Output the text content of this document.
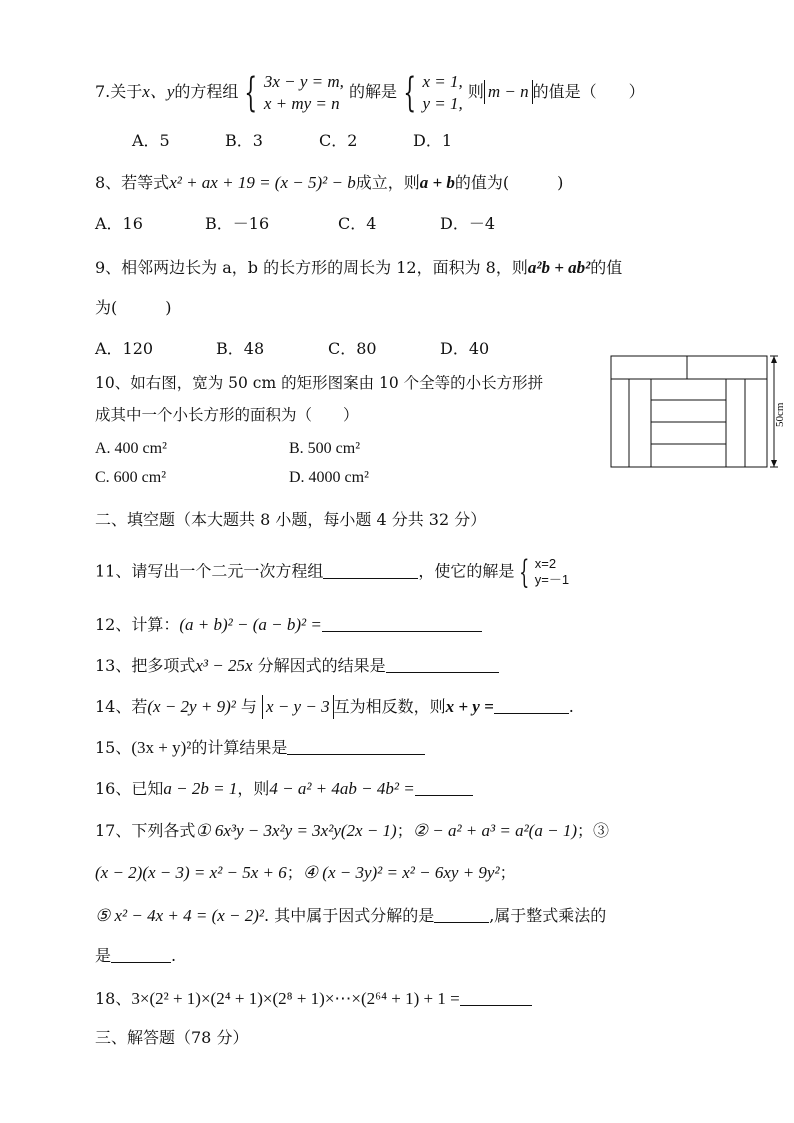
7.关于x、y的方程组 { 3x − y = m,
x + my = n 的解是 { x = 1,
y = 1, 则 m − n 的值是（　　）
A．5	B．3	C．2	D．1
8、若等式x² + ax + 19 = (x − 5)² − b成立，则a + b的值为(　　　)
A．16	B．－16	C．4	D．－4
9、相邻两边长为 a，b 的长方形的周长为 12，面积为 8，则a²b + ab²的值
为(　　　)
A．120	B．48	C．80	D．40
10、如右图，宽为 50 cm 的矩形图案由 10 个全等的小长方形拼
成其中一个小长方形的面积为（　　）
A. 400 cm²	B. 500 cm²
C. 600 cm²	D. 4000 cm²
50cm
二、填空题（本大题共 8 小题，每小题 4 分共 32 分）
11、请写出一个二元一次方程组	，使它的解是 { x=2
y=－1
12、计算：(a + b)² − (a − b)² =
13、把多项式x³ − 25x 分解因式的结果是
14、若(x − 2y + 9)² 与 x − y − 3 互为相反数，则x + y =	.
15、(3x + y)²的计算结果是
16、已知a − 2b = 1，则4 − a² + 4ab − 4b² =
17、下列各式① 6x³y − 3x²y = 3x²y(2x − 1)；② − a² + a³ = a²(a − 1)；③
(x − 2)(x − 3) = x² − 5x + 6；④ (x − 3y)² = x² − 6xy + 9y²；
⑤ x² − 4x + 4 = (x − 2)². 其中属于因式分解的是	,属于整式乘法的
是	.
18、3×(2² + 1)×(2⁴ + 1)×(2⁸ + 1)×⋯×(2⁶⁴ + 1) + 1 =
三、解答题（78 分）
